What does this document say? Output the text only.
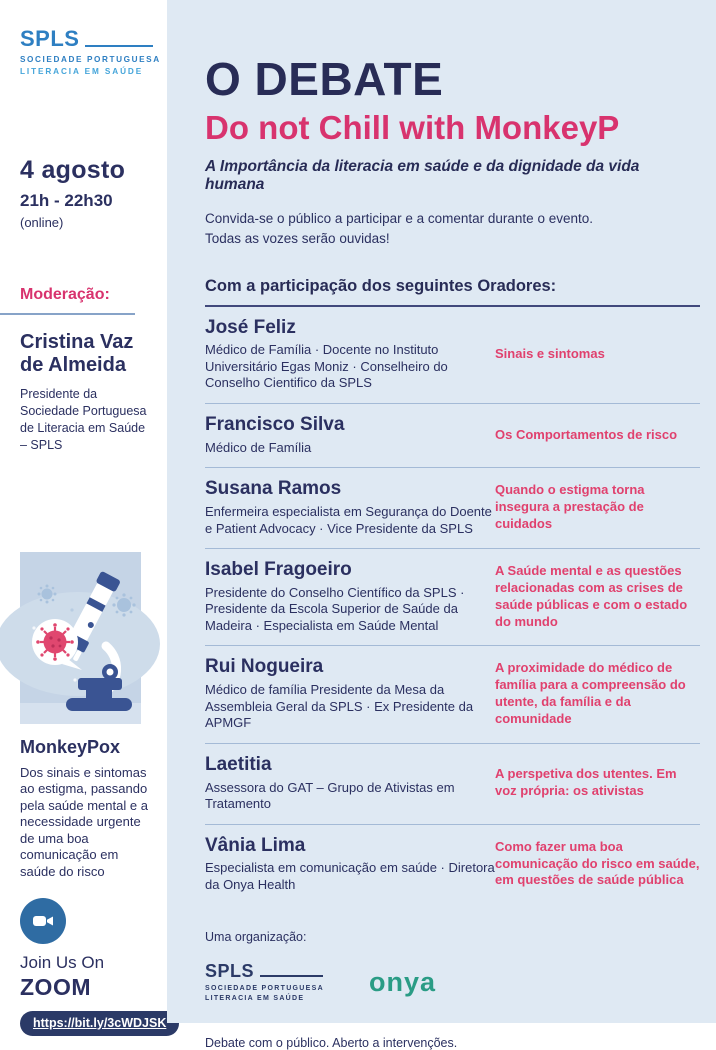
SPLS
SOCIEDADE PORTUGUESA
LITERACIA EM SAÚDE
4 agosto
21h - 22h30
(online)
Moderação:
Cristina Vaz de Almeida
Presidente da Sociedade Portuguesa de Literacia em Saúde – SPLS
MonkeyPox
Dos sinais e sintomas ao estigma, passando pela saúde mental e a necessidade urgente de uma boa comunicação em saúde do risco
Join Us On
ZOOM
https://bit.ly/3cWDJSK
O DEBATE
Do not Chill with MonkeyP
A Importância da literacia em saúde e da dignidade da vida humana
Convida-se o público a participar e a comentar durante o evento.
Todas as vozes serão ouvidas!
Com a participação dos seguintes Oradores:
José Feliz
Médico de Família · Docente no Instituto Universitário Egas Moniz · Conselheiro do Conselho Cientifico da SPLS
Sinais e sintomas
Francisco Silva
Médico de Família
Os Comportamentos de risco
Susana Ramos
Enfermeira especialista em Segurança do Doente e Patient Advocacy · Vice Presidente da SPLS
Quando o estigma torna insegura a prestação de cuidados
Isabel Fragoeiro
Presidente do Conselho Científico da SPLS · Presidente da Escola Superior de Saúde da Madeira · Especialista em Saúde Mental
A Saúde mental e as questões relacionadas com as crises de saúde públicas e com o estado do mundo
Rui Nogueira
Médico de família Presidente da Mesa da Assembleia Geral da SPLS · Ex Presidente da APMGF
A proximidade do médico de família para a compreensão do utente, da família e da comunidade
Laetitia
Assessora do GAT – Grupo de Ativistas em Tratamento
A perspetiva dos utentes. Em voz própria: os ativistas
Vânia Lima
Especialista em comunicação em saúde · Diretora da Onya Health
Como fazer uma boa comunicação do risco em saúde, em questões de saúde pública
Uma organização:
SPLS
SOCIEDADE PORTUGUESA
LITERACIA EM SAÚDE
onya
Debate com o público. Aberto a intervenções.
